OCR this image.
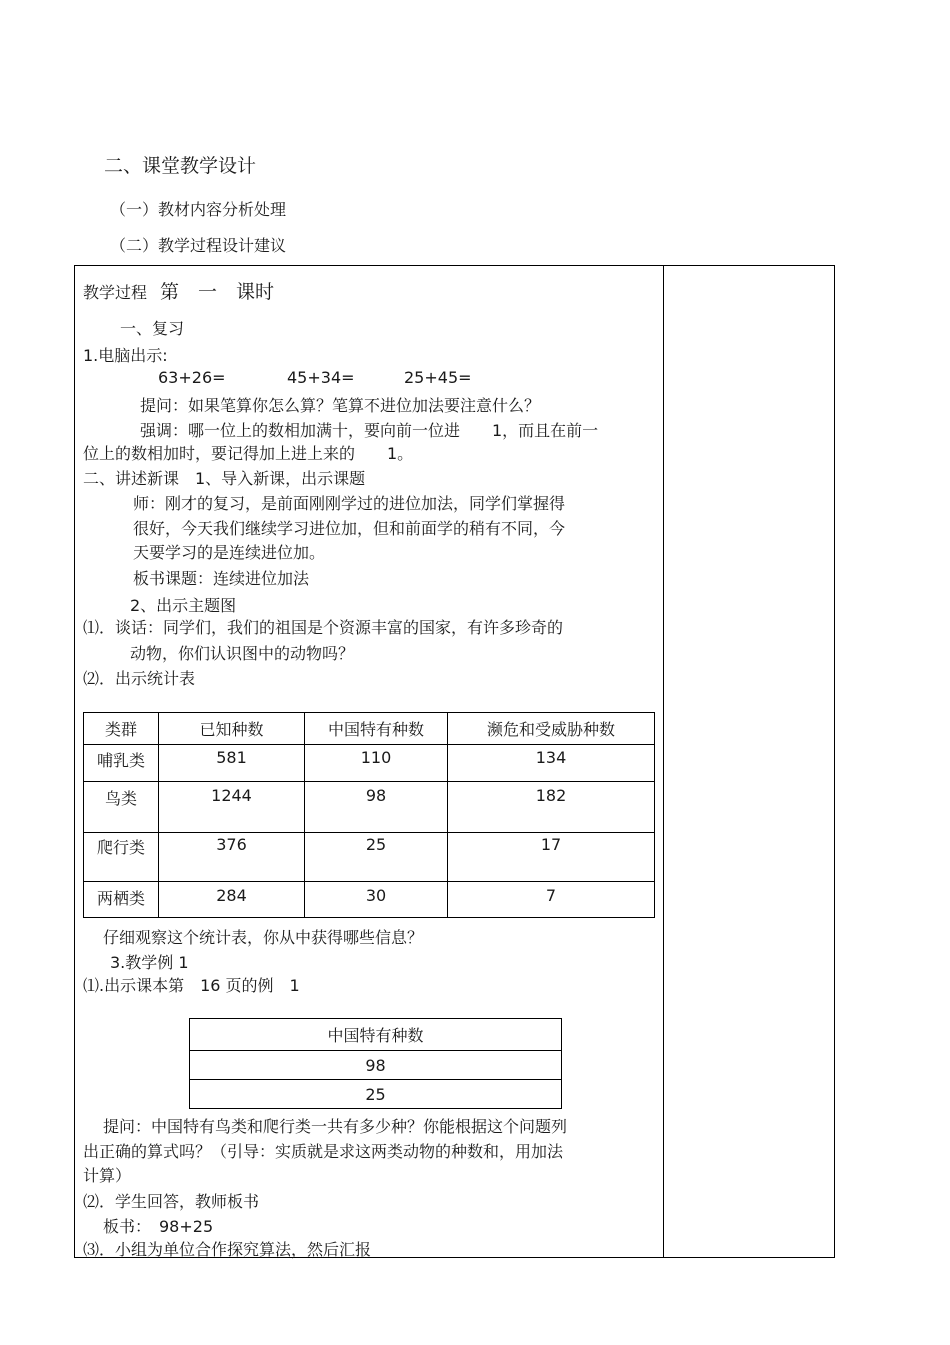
二、课堂教学设计
（一）教材内容分析处理
（二）教学过程设计建议
教学过程 第　一　课时
一、复习
1.电脑出示:
63+26=	45+34=	25+45=
提问：如果笔算你怎么算？笔算不进位加法要注意什么？
强调：哪一位上的数相加满十，要向前一位进　　1，而且在前一
位上的数相加时，要记得加上进上来的　　1。
二、讲述新课　1、导入新课，出示课题
师：刚才的复习，是前面刚刚学过的进位加法，同学们掌握得
很好，今天我们继续学习进位加，但和前面学的稍有不同，今
天要学习的是连续进位加。
板书课题：连续进位加法
2、出示主题图
⑴．谈话：同学们，我们的祖国是个资源丰富的国家，有许多珍奇的
动物，你们认识图中的动物吗？
⑵．出示统计表
类群	已知种数	中国特有种数	濒危和受威胁种数
哺乳类	581	110	134
鸟类	1244	98	182
爬行类	376	25	17
两栖类	284	30	7
仔细观察这个统计表，你从中获得哪些信息？
3.教学例 1
⑴.出示课本第　16 页的例　1
中国特有种数
98
25
提问：中国特有鸟类和爬行类一共有多少种？你能根据这个问题列
出正确的算式吗？（引导：实质就是求这两类动物的种数和，用加法
计算）
⑵．学生回答，教师板书
板书：　98+25
⑶．小组为单位合作探究算法，然后汇报
